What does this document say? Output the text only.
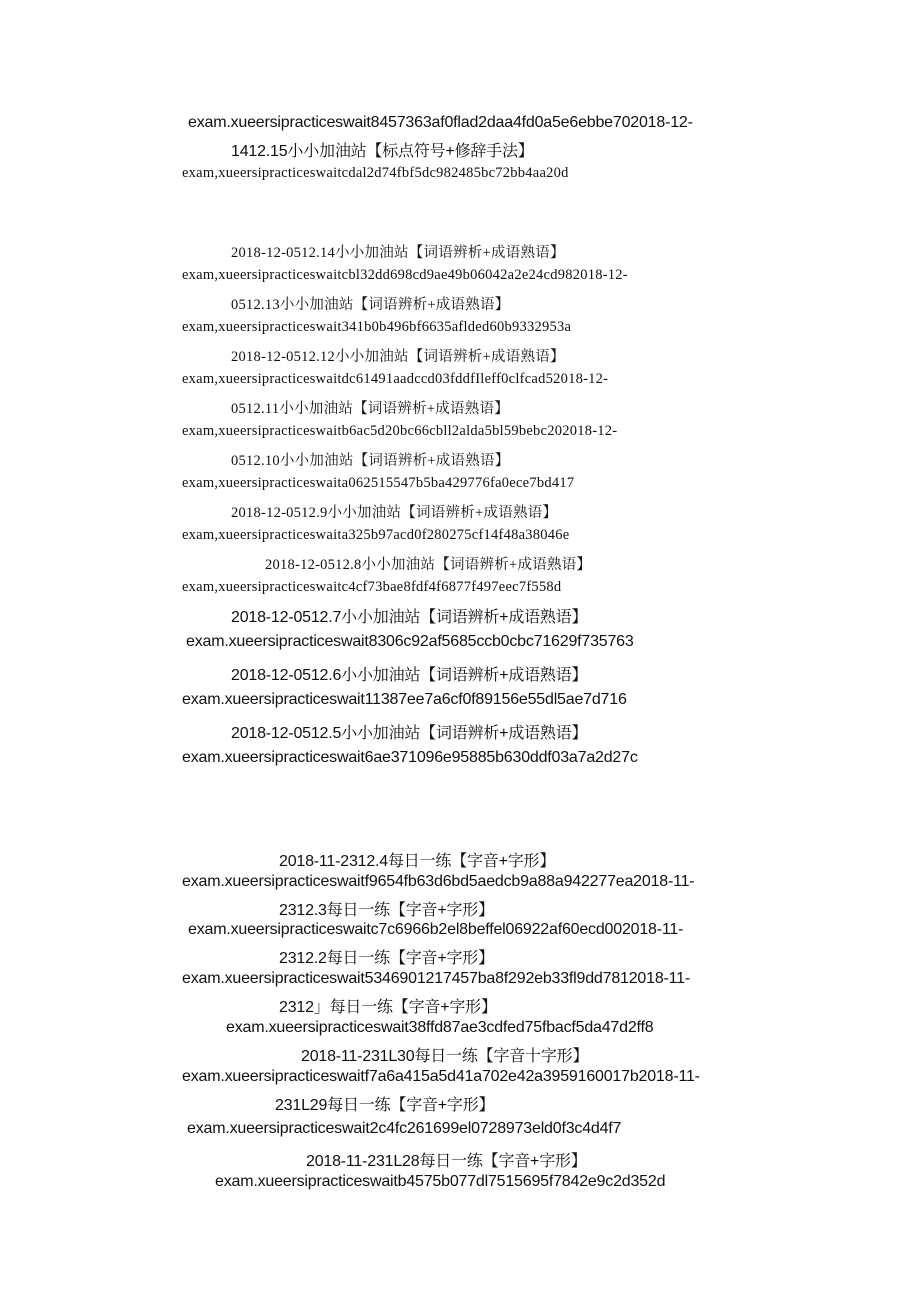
exam.xueersipracticeswait8457363af0flad2daa4fd0a5e6ebbe702018-12-

1412.15小小加油站【标点符号+修辞手法】

exam,xueersipracticeswaitcdal2d74fbf5dc982485bc72bb4aa20d

2018-12-0512.14小小加油站【词语辨析+成语熟语】

exam,xueersipracticeswaitcbl32dd698cd9ae49b06042a2e24cd982018-12-

0512.13小小加油站【词语辨析+成语熟语】

exam,xueersipracticeswait341b0b496bf6635aflded60b9332953a

2018-12-0512.12小小加油站【词语辨析+成语熟语】

exam,xueersipracticeswaitdc61491aadccd03fddfIleff0clfcad52018-12-

0512.11小小加油站【词语辨析+成语熟语】

exam,xueersipracticeswaitb6ac5d20bc66cbll2alda5bl59bebc202018-12-

0512.10小小加油站【词语辨析+成语熟语】

exam,xueersipracticeswaita062515547b5ba429776fa0ece7bd417

2018-12-0512.9小小加油站【词语辨析+成语熟语】

exam,xueersipracticeswaita325b97acd0f280275cf14f48a38046e

2018-12-0512.8小小加油站【词语辨析+成语熟语】

exam,xueersipracticeswaitc4cf73bae8fdf4f6877f497eec7f558d

2018-12-0512.7小小加油站【词语辨析+成语熟语】

exam.xueersipracticeswait8306c92af5685ccb0cbc71629f735763

2018-12-0512.6小小加油站【词语辨析+成语熟语】

exam.xueersipracticeswait11387ee7a6cf0f89156e55dl5ae7d716

2018-12-0512.5小小加油站【词语辨析+成语熟语】

exam.xueersipracticeswait6ae371096e95885b630ddf03a7a2d27c

2018-11-2312.4每日一练【字音+字形】

exam.xueersipracticeswaitf9654fb63d6bd5aedcb9a88a942277ea2018-11-

2312.3每日一练【字音+字形】

exam.xueersipracticeswaitc7c6966b2el8beffel06922af60ecd002018-11-

2312.2每日一练【字音+字形】

exam.xueersipracticeswait5346901217457ba8f292eb33fl9dd7812018-11-

2312」每日一练【字音+字形】

exam.xueersipracticeswait38ffd87ae3cdfed75fbacf5da47d2ff8

2018-11-231L30每日一练【字音十字形】

exam.xueersipracticeswaitf7a6a415a5d41a702e42a3959160017b2018-11-

231L29每日一练【字音+字形】

exam.xueersipracticeswait2c4fc261699el0728973eld0f3c4d4f7

2018-11-231L28每日一练【字音+字形】

exam.xueersipracticeswaitb4575b077dl7515695f7842e9c2d352d
